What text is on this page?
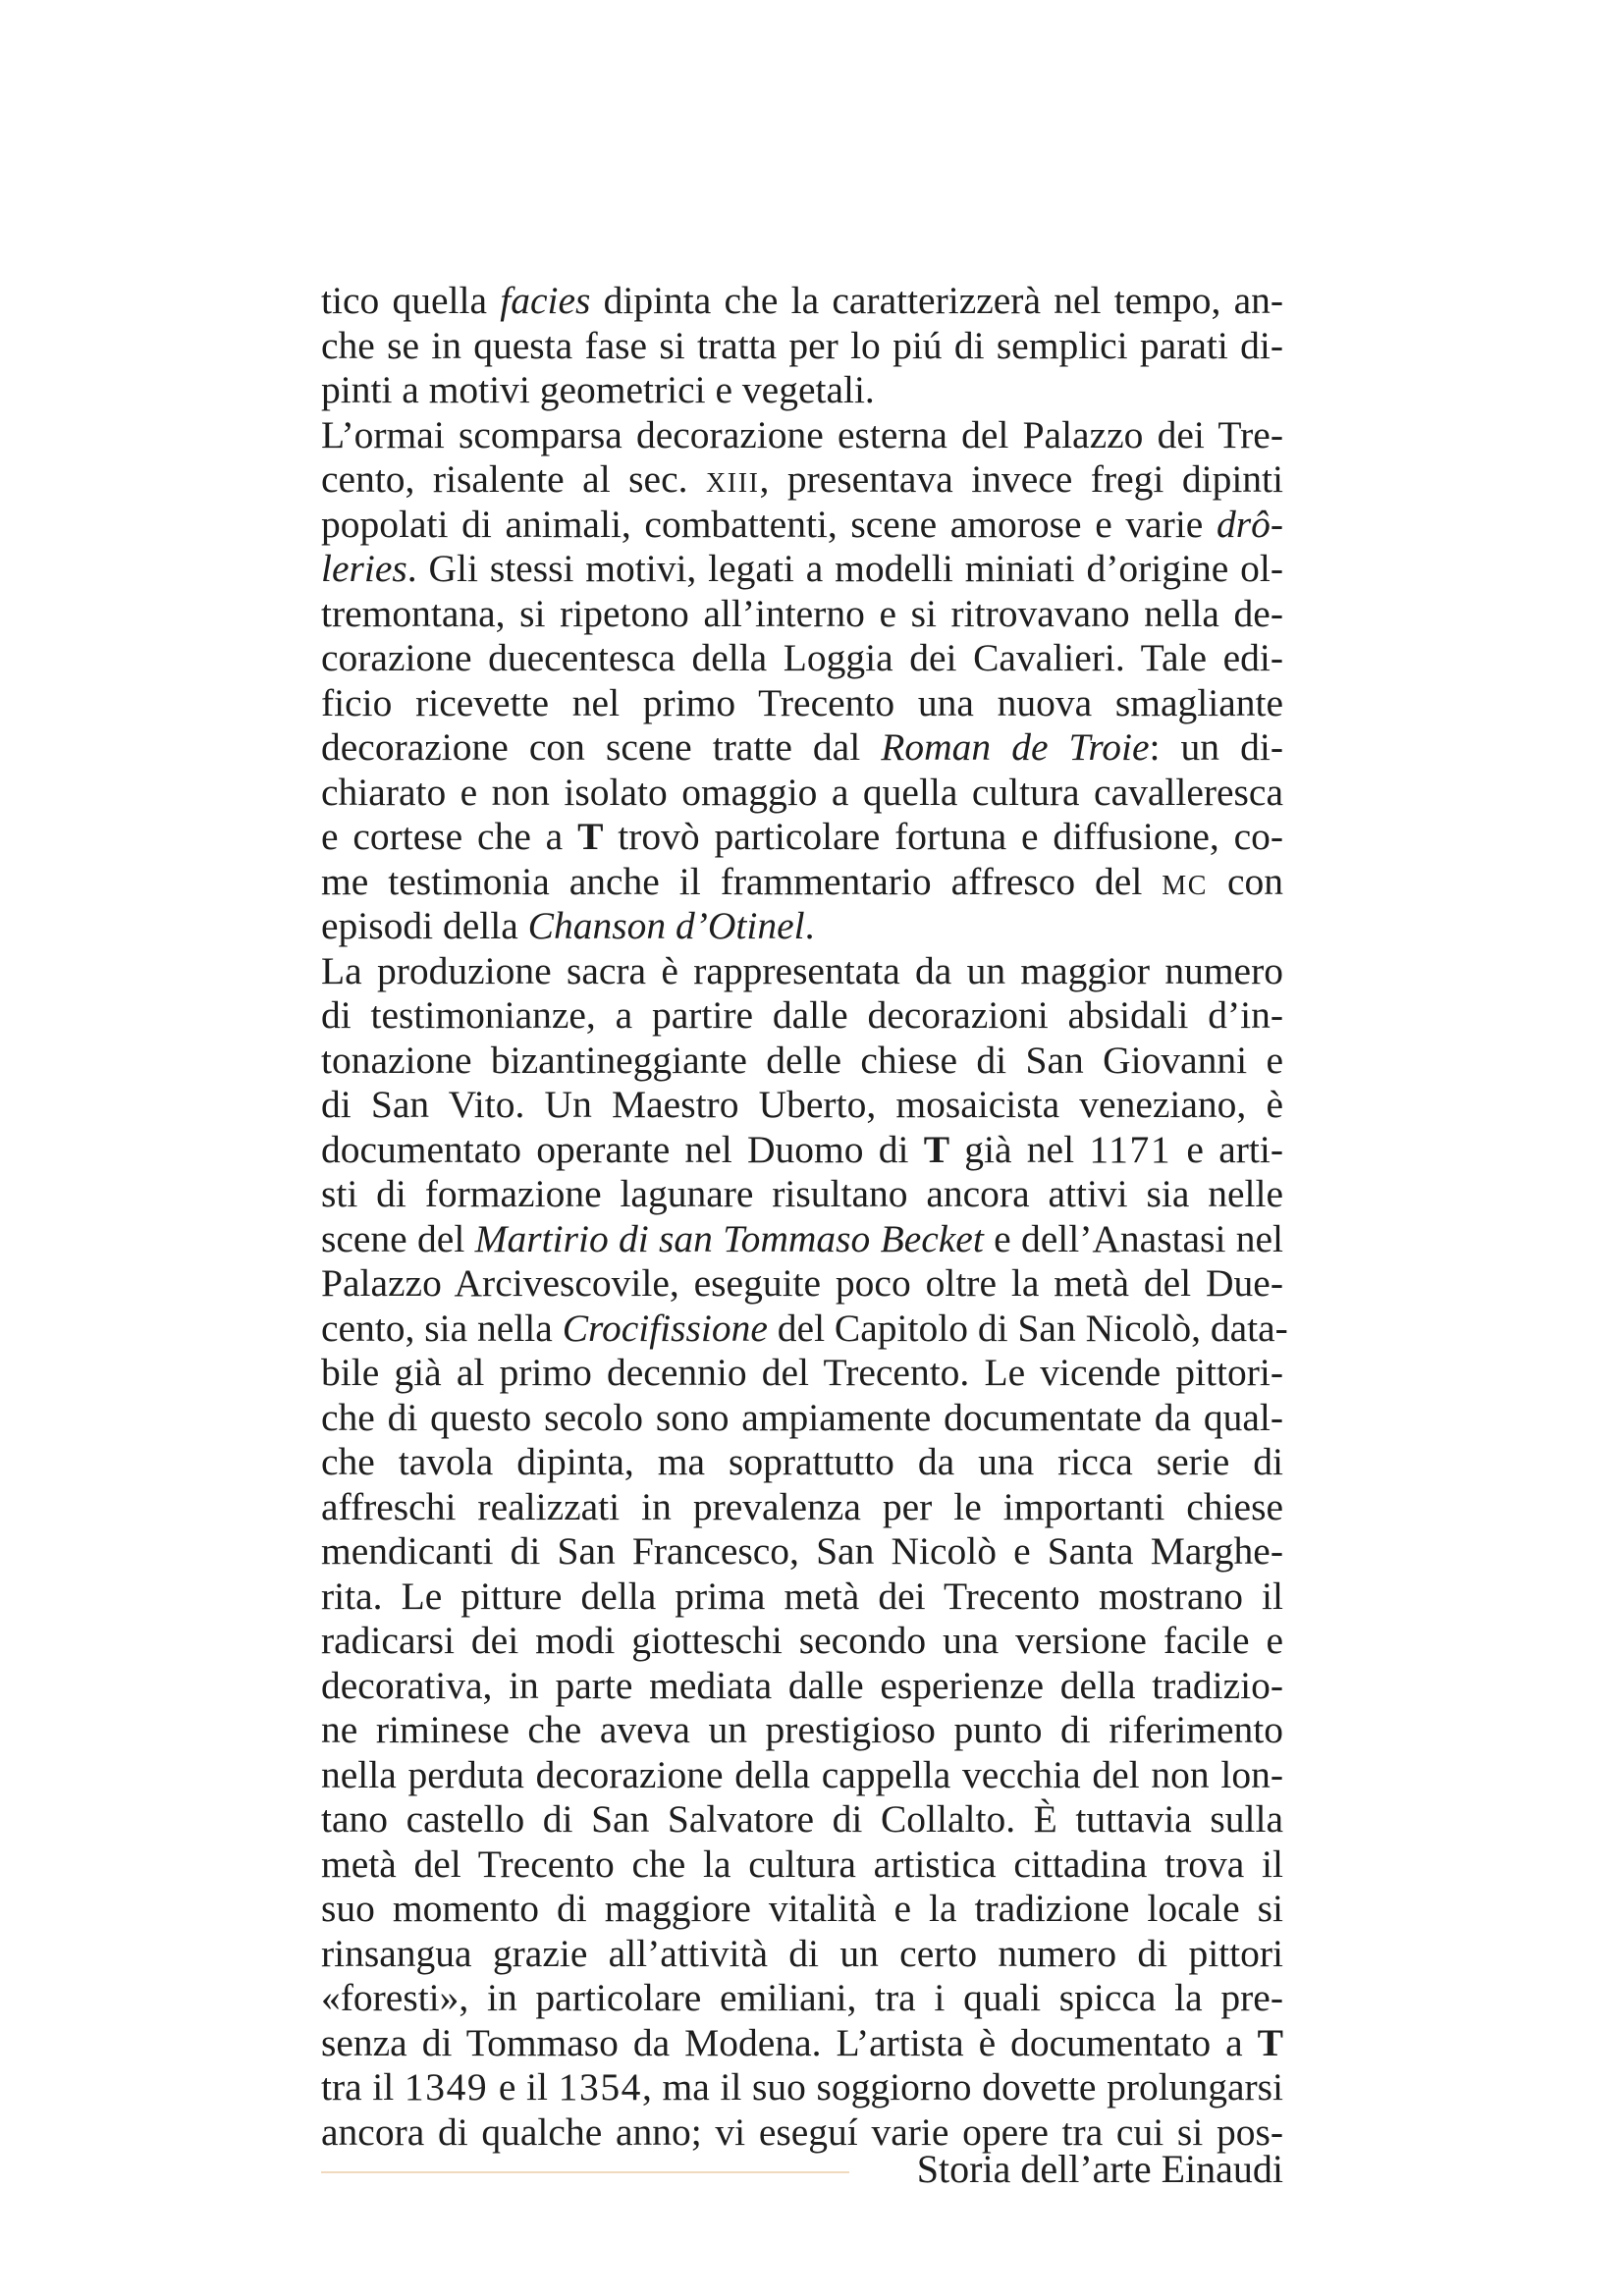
tico quella facies dipinta che la caratterizzerà nel tempo, an-
che se in questa fase si tratta per lo piú di semplici parati di-
pinti a motivi geometrici e vegetali.
L’ormai scomparsa decorazione esterna del Palazzo dei Tre-
cento, risalente al sec. xiii, presentava invece fregi dipinti
popolati di animali, combattenti, scene amorose e varie drô-
leries. Gli stessi motivi, legati a modelli miniati d’origine ol-
tremontana, si ripetono all’interno e si ritrovavano nella de-
corazione duecentesca della Loggia dei Cavalieri. Tale edi-
ficio ricevette nel primo Trecento una nuova smagliante
decorazione con scene tratte dal Roman de Troie: un di-
chiarato e non isolato omaggio a quella cultura cavalleresca
e cortese che a T trovò particolare fortuna e diffusione, co-
me testimonia anche il frammentario affresco del mc con
episodi della Chanson d’Otinel.
La produzione sacra è rappresentata da un maggior numero
di testimonianze, a partire dalle decorazioni absidali d’in-
tonazione bizantineggiante delle chiese di San Giovanni e
di San Vito. Un Maestro Uberto, mosaicista veneziano, è
documentato operante nel Duomo di T già nel 1171 e arti-
sti di formazione lagunare risultano ancora attivi sia nelle
scene del Martirio di san Tommaso Becket e dell’Anastasi nel
Palazzo Arcivescovile, eseguite poco oltre la metà del Due-
cento, sia nella Crocifissione del Capitolo di San Nicolò, data-
bile già al primo decennio del Trecento. Le vicende pittori-
che di questo secolo sono ampiamente documentate da qual-
che tavola dipinta, ma soprattutto da una ricca serie di
affreschi realizzati in prevalenza per le importanti chiese
mendicanti di San Francesco, San Nicolò e Santa Marghe-
rita. Le pitture della prima metà dei Trecento mostrano il
radicarsi dei modi giotteschi secondo una versione facile e
decorativa, in parte mediata dalle esperienze della tradizio-
ne riminese che aveva un prestigioso punto di riferimento
nella perduta decorazione della cappella vecchia del non lon-
tano castello di San Salvatore di Collalto. È tuttavia sulla
metà del Trecento che la cultura artistica cittadina trova il
suo momento di maggiore vitalità e la tradizione locale si
rinsangua grazie all’attività di un certo numero di pittori
«foresti», in particolare emiliani, tra i quali spicca la pre-
senza di Tommaso da Modena. L’artista è documentato a T
tra il 1349 e il 1354, ma il suo soggiorno dovette prolungarsi
ancora di qualche anno; vi eseguí varie opere tra cui si pos-
Storia dell’arte Einaudi
